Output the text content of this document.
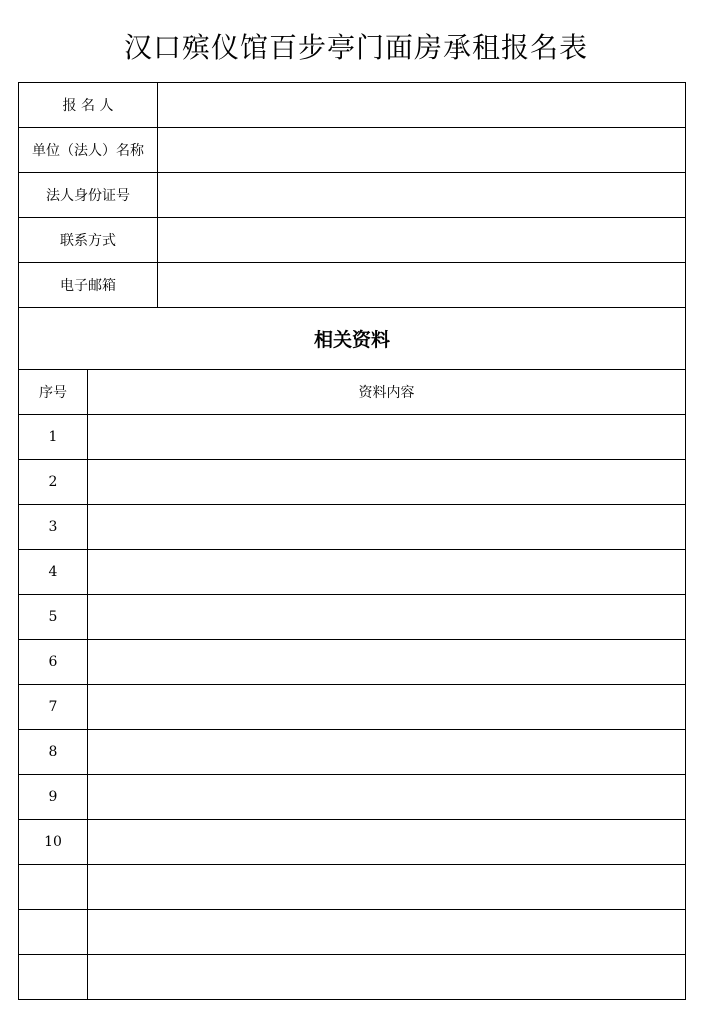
汉口殡仪馆百步亭门面房承租报名表
报 名 人		
单位（法人）名称		
法人身份证号		
联系方式		
电子邮箱		
相关资料		
序号	资料内容	
1		
2		
3		
4		
5		
6		
7		
8		
9		
10		
